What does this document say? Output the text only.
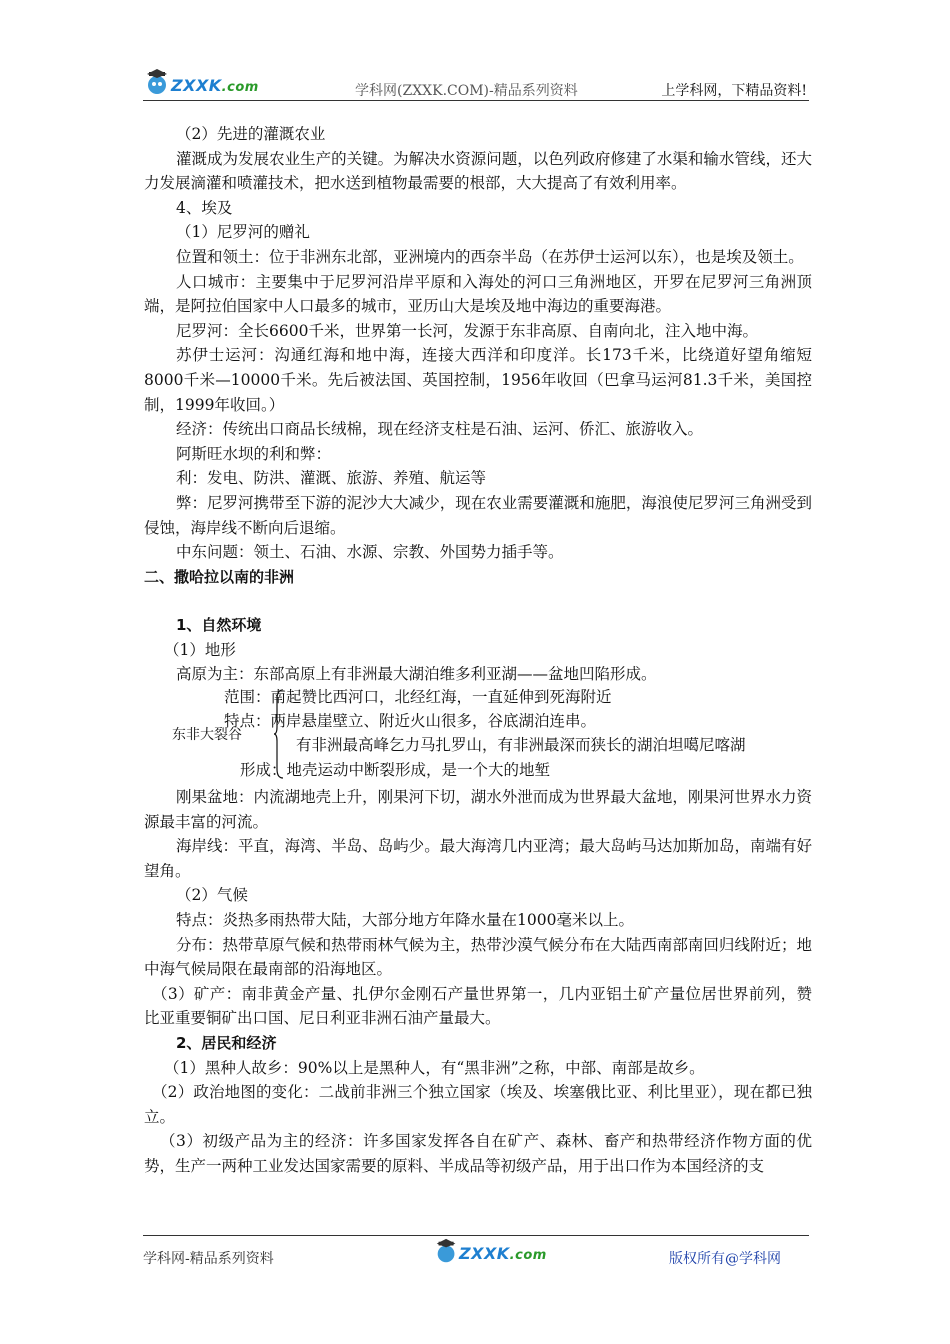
ZXXK.com	学科网(ZXXK.COM)-精品系列资料	上学科网，下精品资料!

（2）先进的灌溉农业

灌溉成为发展农业生产的关键。为解决水资源问题，以色列政府修建了水渠和输水管线，还大力发展滴灌和喷灌技术，把水送到植物最需要的根部，大大提高了有效利用率。

4、埃及

（1）尼罗河的赠礼

位置和领土：位于非洲东北部，亚洲境内的西奈半岛（在苏伊士运河以东），也是埃及领土。

人口城市：主要集中于尼罗河沿岸平原和入海处的河口三角洲地区，开罗在尼罗河三角洲顶端，是阿拉伯国家中人口最多的城市，亚历山大是埃及地中海边的重要海港。

尼罗河：全长6600千米，世界第一长河，发源于东非高原、自南向北，注入地中海。

苏伊士运河：沟通红海和地中海，连接大西洋和印度洋。长173千米，比绕道好望角缩短8000千米—10000千米。先后被法国、英国控制，1956年收回（巴拿马运河81.3千米，美国控制，1999年收回。）

经济：传统出口商品长绒棉，现在经济支柱是石油、运河、侨汇、旅游收入。

阿斯旺水坝的利和弊：

利：发电、防洪、灌溉、旅游、养殖、航运等

弊：尼罗河携带至下游的泥沙大大减少，现在农业需要灌溉和施肥，海浪使尼罗河三角洲受到侵蚀，海岸线不断向后退缩。

中东问题：领土、石油、水源、宗教、外国势力插手等。

二、撒哈拉以南的非洲

1、自然环境

（1）地形

高原为主：东部高原上有非洲最大湖泊维多利亚湖——盆地凹陷形成。

东非大裂谷
范围：南起赞比西河口，北经红海，一直延伸到死海附近
特点：两岸悬崖壁立、附近火山很多，谷底湖泊连串。
有非洲最高峰乞力马扎罗山，有非洲最深而狭长的湖泊坦噶尼喀湖
形成：地壳运动中断裂形成，是一个大的地堑

刚果盆地：内流湖地壳上升，刚果河下切，湖水外泄而成为世界最大盆地，刚果河世界水力资源最丰富的河流。

海岸线：平直，海湾、半岛、岛屿少。最大海湾几内亚湾；最大岛屿马达加斯加岛，南端有好望角。

（2）气候

特点：炎热多雨热带大陆，大部分地方年降水量在1000毫米以上。

分布：热带草原气候和热带雨林气候为主，热带沙漠气候分布在大陆西南部南回归线附近；地中海气候局限在最南部的沿海地区。

（3）矿产：南非黄金产量、扎伊尔金刚石产量世界第一，几内亚铝土矿产量位居世界前列，赞比亚重要铜矿出口国、尼日利亚非洲石油产量最大。

2、居民和经济

（1）黑种人故乡：90%以上是黑种人，有“黑非洲”之称，中部、南部是故乡。

（2）政治地图的变化：二战前非洲三个独立国家（埃及、埃塞俄比亚、利比里亚），现在都已独立。

（3）初级产品为主的经济：许多国家发挥各自在矿产、森林、畜产和热带经济作物方面的优势，生产一两种工业发达国家需要的原料、半成品等初级产品，用于出口作为本国经济的支

学科网-精品系列资料	ZXXK.com	版权所有@学科网
